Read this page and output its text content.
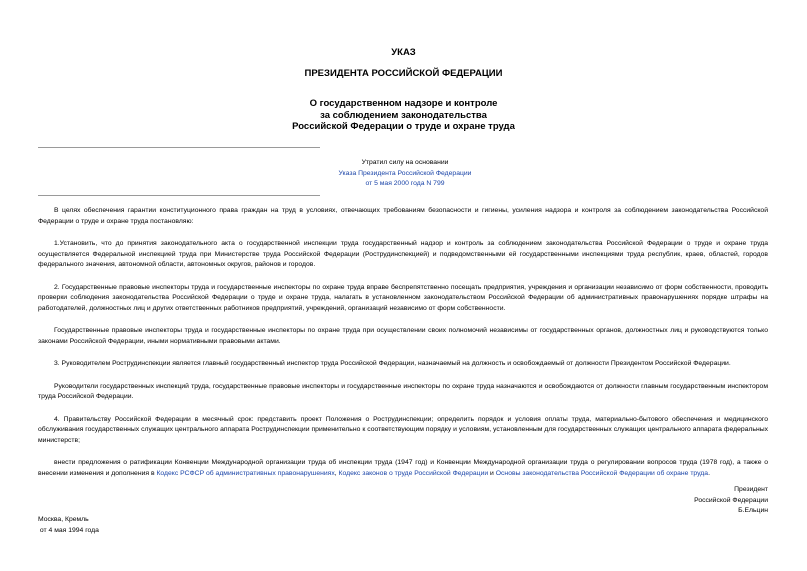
УКАЗ
ПРЕЗИДЕНТА РОССИЙСКОЙ ФЕДЕРАЦИИ
О государственном надзоре и контроле
за соблюдением законодательства
Российской Федерации о труде и охране труда
Утратил силу на основании
Указа Президента Российской Федерации
от 5 мая 2000 года N 799

В целях обеспечения гарантии конституционного права граждан на труд в условиях, отвечающих требованиям безопасности и гигиены, усиления надзора и контроля за соблюдением законодательства Российской Федерации о труде и охране труда постановляю:

1.Установить, что до принятия законодательного акта о государственной инспекции труда государственный надзор и контроль за соблюдением законодательства Российской Федерации о труде и охране труда осуществляется Федеральной инспекцией труда при Министерстве труда Российской Федерации (Рострудинспекцией) и подведомственными ей государственными инспекциями труда республик, краев, областей, городов федерального значения, автономной области, автономных округов, районов и городов.

2. Государственные правовые инспекторы труда и государственные инспекторы по охране труда вправе беспрепятственно посещать предприятия, учреждения и организации независимо от форм собственности, проводить проверки соблюдения законодательства Российской Федерации о труде и охране труда, налагать в установленном законодательством Российской Федерации об административных правонарушениях порядке штрафы на работодателей, должностных лиц и других ответственных работников предприятий, учреждений, организаций независимо от форм собственности.

Государственные правовые инспекторы труда и государственные инспекторы по охране труда при осуществлении своих полномочий независимы от государственных органов, должностных лиц и руководствуются только законами Российской Федерации, иными нормативными правовыми актами.

3. Руководителем Рострудинспекции является главный государственный инспектор труда Российской Федерации, назначаемый на должность и освобождаемый от должности Президентом Российской Федерации.

Руководители государственных инспекций труда, государственные правовые инспекторы и государственные инспекторы по охране труда назначаются и освобождаются от должности главным государственным инспектором труда Российской Федерации.

4. Правительству Российской Федерации в месячный срок: представить проект Положения о Рострудинспекции; определить порядок и условия оплаты труда, материально-бытового обеспечения и медицинского обслуживания государственных служащих центрального аппарата Рострудинспекции применительно к соответствующим порядку и условиям, установленным для государственных служащих центрального аппарата федеральных министерств;

внести предложения о ратификации Конвенции Международной организации труда об инспекции труда (1947 год) и Конвенции Международной организации труда о регулировании вопросов труда (1978 год), а также о внесении изменения и дополнения в Кодекс РСФСР об административных правонарушениях, Кодекс законов о труде Российской Федерации и Основы законодательства Российской Федерации об охране труда.

Президент
Российской Федерации
Б.Ельцин
Москва, Кремль
от 4 мая 1994 года
